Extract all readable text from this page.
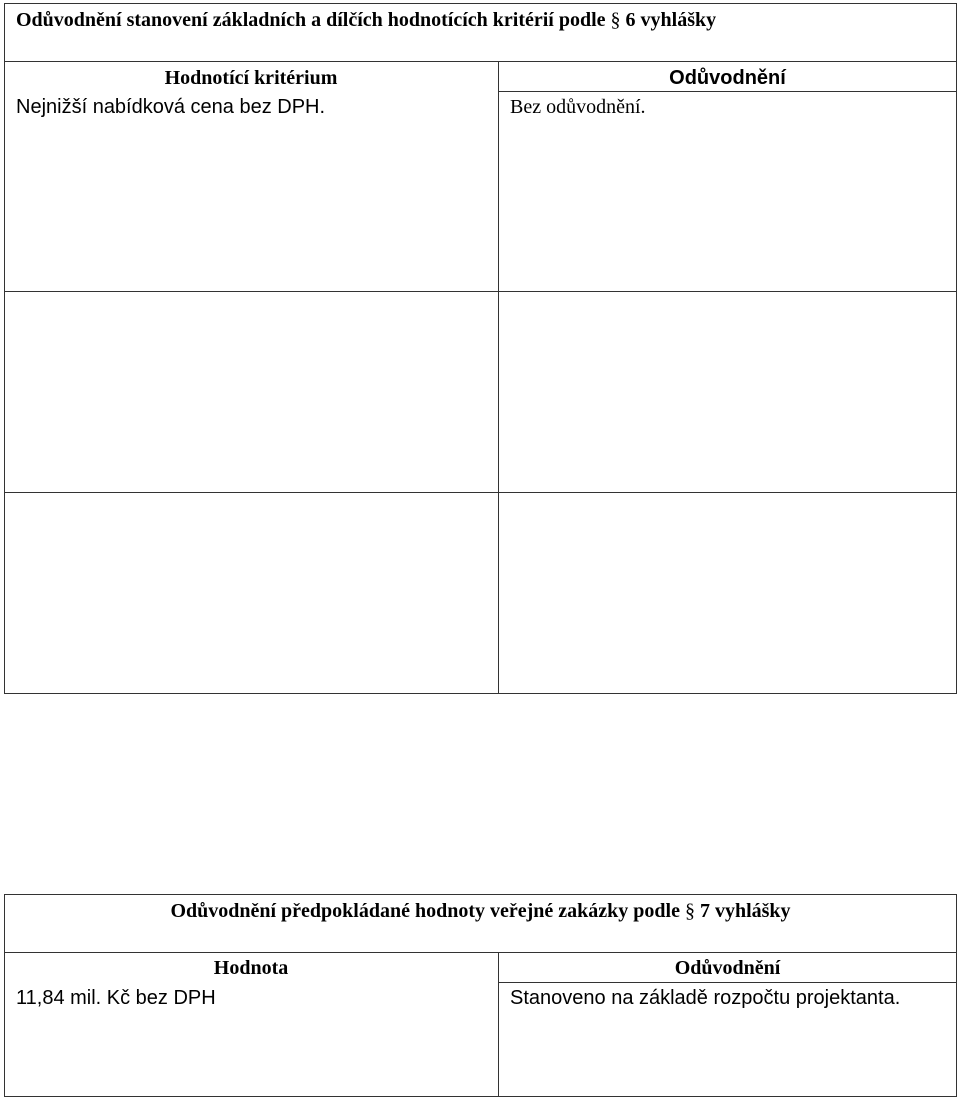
Odůvodnění stanovení základních a dílčích hodnotících kritérií podle § 6 vyhlášky
Hodnotící kritérium	Odůvodnění
Nejnižší nabídková cena bez DPH.	Bez odůvodnění.
Odůvodnění předpokládané hodnoty veřejné zakázky podle § 7 vyhlášky
Hodnota	Odůvodnění
11,84 mil. Kč bez DPH	Stanoveno na základě rozpočtu projektanta.
